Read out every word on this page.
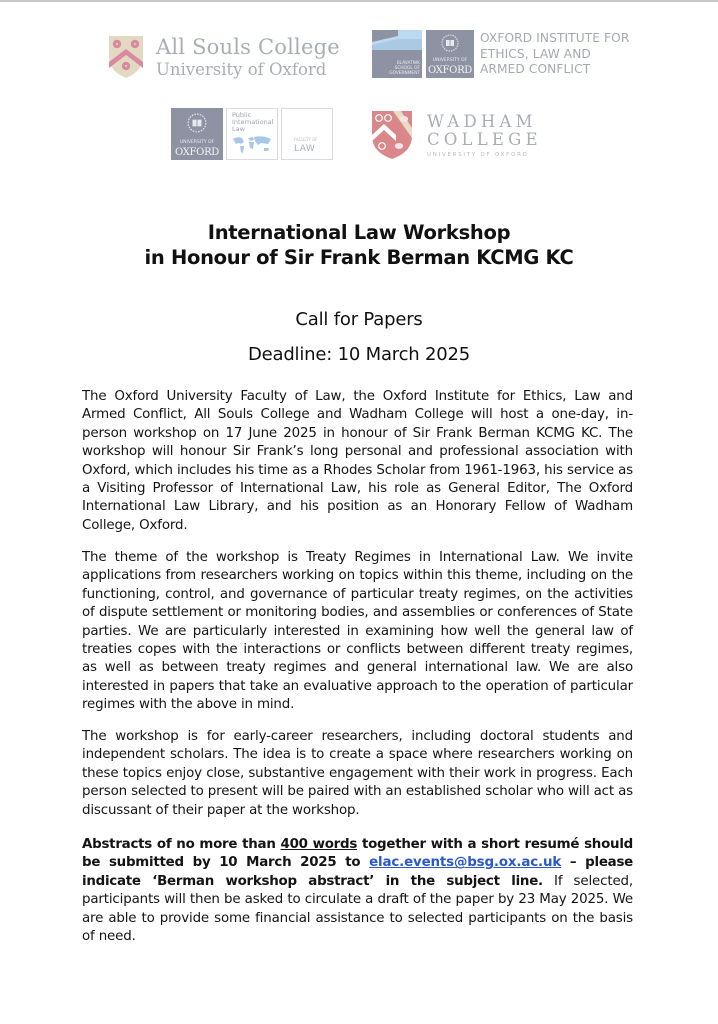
All Souls College
University of Oxford	BLAVATNIK
SCHOOL OF
GOVERNMENT
UNIVERSITY OF
OXFORD
OXFORD INSTITUTE FOR
ETHICS, LAW AND
ARMED CONFLICT
UNIVERSITY OF
OXFORD
Public
International
Law
FACULTY OF
LAW
WADHAM
COLLEGE
UNIVERSITY OF OXFORD
International Law Workshop
in Honour of Sir Frank Berman KCMG KC
Call for Papers
Deadline: 10 March 2025

The Oxford University Faculty of Law, the Oxford Institute for Ethics, Law and Armed Conflict, All Souls College and Wadham College will host a one-day, in-person workshop on 17 June 2025 in honour of Sir Frank Berman KCMG KC. The workshop will honour Sir Frank’s long personal and professional association with Oxford, which includes his time as a Rhodes Scholar from 1961-1963, his service as a Visiting Professor of International Law, his role as General Editor, The Oxford International Law Library, and his position as an Honorary Fellow of Wadham College, Oxford.

The theme of the workshop is Treaty Regimes in International Law. We invite applications from researchers working on topics within this theme, including on the functioning, control, and governance of particular treaty regimes, on the activities of dispute settlement or monitoring bodies, and assemblies or conferences of State parties. We are particularly interested in examining how well the general law of treaties copes with the interactions or conflicts between different treaty regimes, as well as between treaty regimes and general international law. We are also interested in papers that take an evaluative approach to the operation of particular regimes with the above in mind.

The workshop is for early-career researchers, including doctoral students and independent scholars. The idea is to create a space where researchers working on these topics enjoy close, substantive engagement with their work in progress. Each person selected to present will be paired with an established scholar who will act as discussant of their paper at the workshop.

Abstracts of no more than 400 words together with a short resumé should be submitted by 10 March 2025 to elac.events@bsg.ox.ac.uk – please indicate ‘Berman workshop abstract’ in the subject line. If selected, participants will then be asked to circulate a draft of the paper by 23 May 2025. We are able to provide some financial assistance to selected participants on the basis of need.
